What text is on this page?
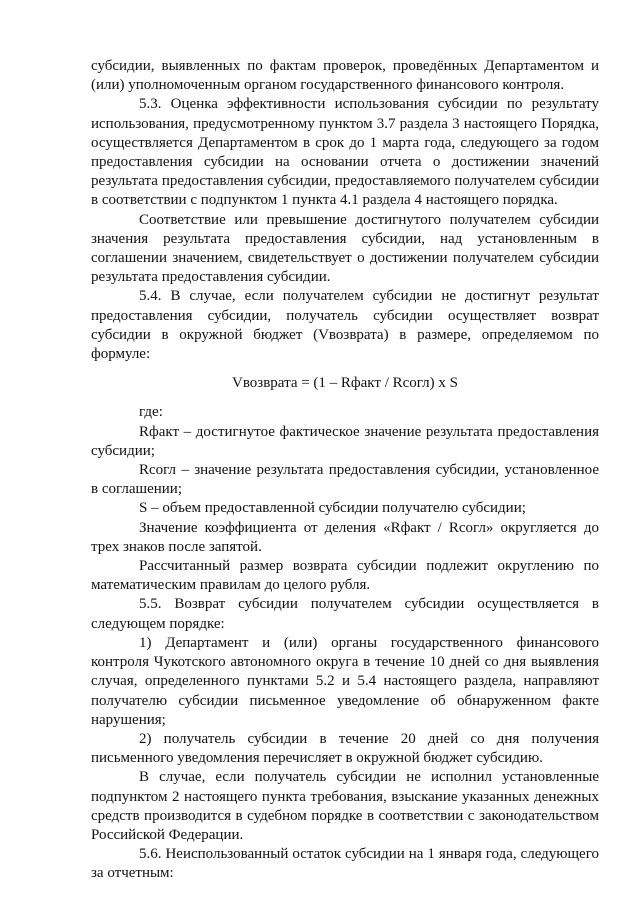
субсидии, выявленных по фактам проверок, проведённых Департаментом и (или) уполномоченным органом государственного финансового контроля.

5.3. Оценка эффективности использования субсидии по результату использования, предусмотренному пунктом 3.7 раздела 3 настоящего Порядка, осуществляется Департаментом в срок до 1 марта года, следующего за годом предоставления субсидии на основании отчета о достижении значений результата предоставления субсидии, предоставляемого получателем субсидии в соответствии с подпунктом 1 пункта 4.1 раздела 4 настоящего порядка.

Соответствие или превышение достигнутого получателем субсидии значения результата предоставления субсидии, над установленным в соглашении значением, свидетельствует о достижении получателем субсидии результата предоставления субсидии.

5.4. В случае, если получателем субсидии не достигнут результат предоставления субсидии, получатель субсидии осуществляет возврат субсидии в окружной бюджет (Vвозврата) в размере, определяемом по формуле:

Vвозврата = (1 – Rфакт / Rсогл) x S

где:

Rфакт – достигнутое фактическое значение результата предоставления субсидии;

Rсогл – значение результата предоставления субсидии, установленное в соглашении;

S – объем предоставленной субсидии получателю субсидии;

Значение коэффициента от деления «Rфакт / Rсогл» округляется до трех знаков после запятой.

Рассчитанный размер возврата субсидии подлежит округлению по математическим правилам до целого рубля.

5.5. Возврат субсидии получателем субсидии осуществляется в следующем порядке:

1) Департамент и (или) органы государственного финансового контроля Чукотского автономного округа в течение 10 дней со дня выявления случая, определенного пунктами 5.2 и 5.4 настоящего раздела, направляют получателю субсидии письменное уведомление об обнаруженном факте нарушения;

2) получатель субсидии в течение 20 дней со дня получения письменного уведомления перечисляет в окружной бюджет субсидию.

В случае, если получатель субсидии не исполнил установленные подпунктом 2 настоящего пункта требования, взыскание указанных денежных средств производится в судебном порядке в соответствии с законодательством Российской Федерации.

5.6. Неиспользованный остаток субсидии на 1 января года, следующего за отчетным:
